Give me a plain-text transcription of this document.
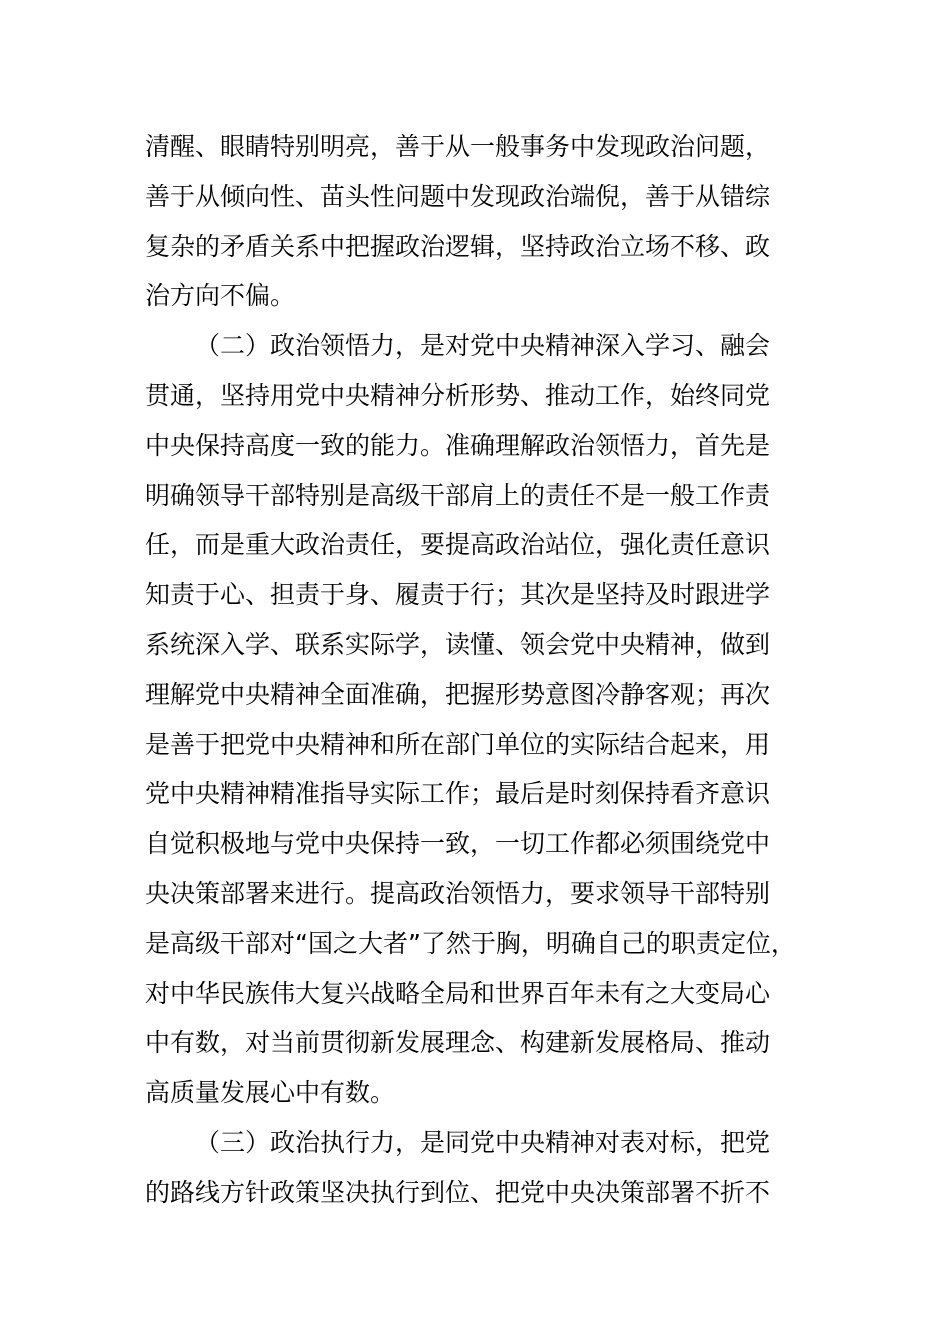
清醒、眼睛特别明亮，善于从一般事务中发现政治问题，
善于从倾向性、苗头性问题中发现政治端倪，善于从错综
复杂的矛盾关系中把握政治逻辑，坚持政治立场不移、政
治方向不偏。
（二）政治领悟力，是对党中央精神深入学习、融会
贯通，坚持用党中央精神分析形势、推动工作，始终同党
中央保持高度一致的能力。准确理解政治领悟力，首先是
明确领导干部特别是高级干部肩上的责任不是一般工作责
任，而是重大政治责任，要提高政治站位，强化责任意识
知责于心、担责于身、履责于行；其次是坚持及时跟进学
系统深入学、联系实际学，读懂、领会党中央精神，做到
理解党中央精神全面准确，把握形势意图冷静客观；再次
是善于把党中央精神和所在部门单位的实际结合起来，用
党中央精神精准指导实际工作；最后是时刻保持看齐意识
自觉积极地与党中央保持一致，一切工作都必须围绕党中
央决策部署来进行。提高政治领悟力，要求领导干部特别
是高级干部对“国之大者”了然于胸，明确自己的职责定位，
对中华民族伟大复兴战略全局和世界百年未有之大变局心
中有数，对当前贯彻新发展理念、构建新发展格局、推动
高质量发展心中有数。
（三）政治执行力，是同党中央精神对表对标，把党
的路线方针政策坚决执行到位、把党中央决策部署不折不
